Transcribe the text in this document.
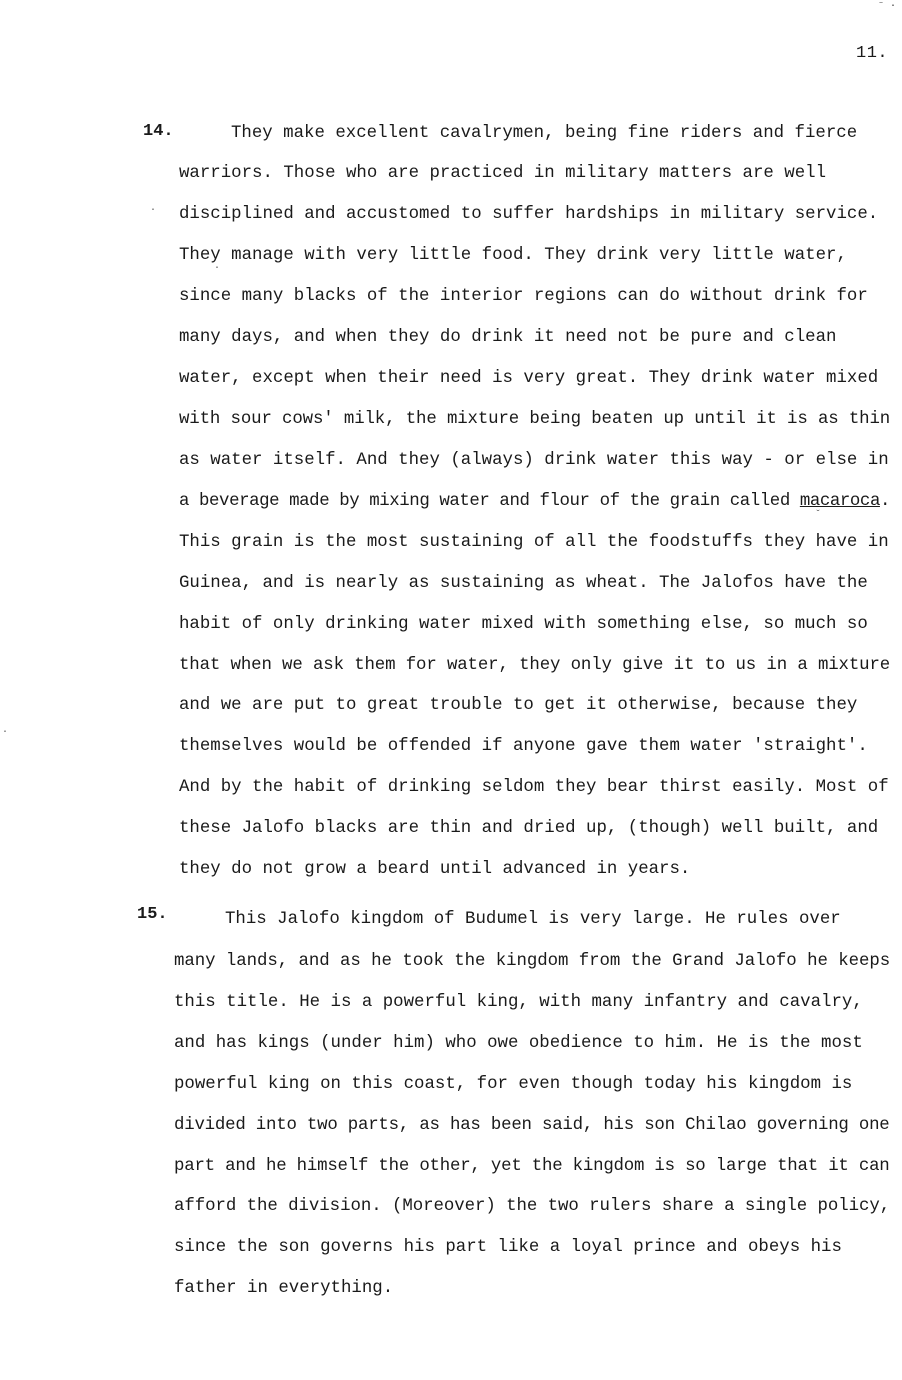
⁻ ·
11.
14.	They make excellent cavalrymen, being fine riders and fierce
warriors. Those who are practiced in military matters are well
disciplined and accustomed to suffer hardships in military service.
They manage with very little food. They drink very little water,
since many blacks of the interior regions can do without drink for
many days, and when they do drink it need not be pure and clean
water, except when their need is very great. They drink water mixed
with sour cows' milk, the mixture being beaten up until it is as thin
as water itself. And they (always) drink water this way - or else in
a beverage made by mixing water and flour of the grain called macaroca.
This grain is the most sustaining of all the foodstuffs they have in
Guinea, and is nearly as sustaining as wheat. The Jalofos have the
habit of only drinking water mixed with something else, so much so
that when we ask them for water, they only give it to us in a mixture
and we are put to great trouble to get it otherwise, because they
themselves would be offended if anyone gave them water 'straight'.
And by the habit of drinking seldom they bear thirst easily. Most of
these Jalofo blacks are thin and dried up, (though) well built, and
they do not grow a beard until advanced in years.
15.	This Jalofo kingdom of Budumel is very large. He rules over
many lands, and as he took the kingdom from the Grand Jalofo he keeps
this title. He is a powerful king, with many infantry and cavalry,
and has kings (under him) who owe obedience to him. He is the most
powerful king on this coast, for even though today his kingdom is
divided into two parts, as has been said, his son Chilao governing one
part and he himself the other, yet the kingdom is so large that it can
afford the division. (Moreover) the two rulers share a single policy,
since the son governs his part like a loyal prince and obeys his
father in everything.
·
·
·
ˇ
